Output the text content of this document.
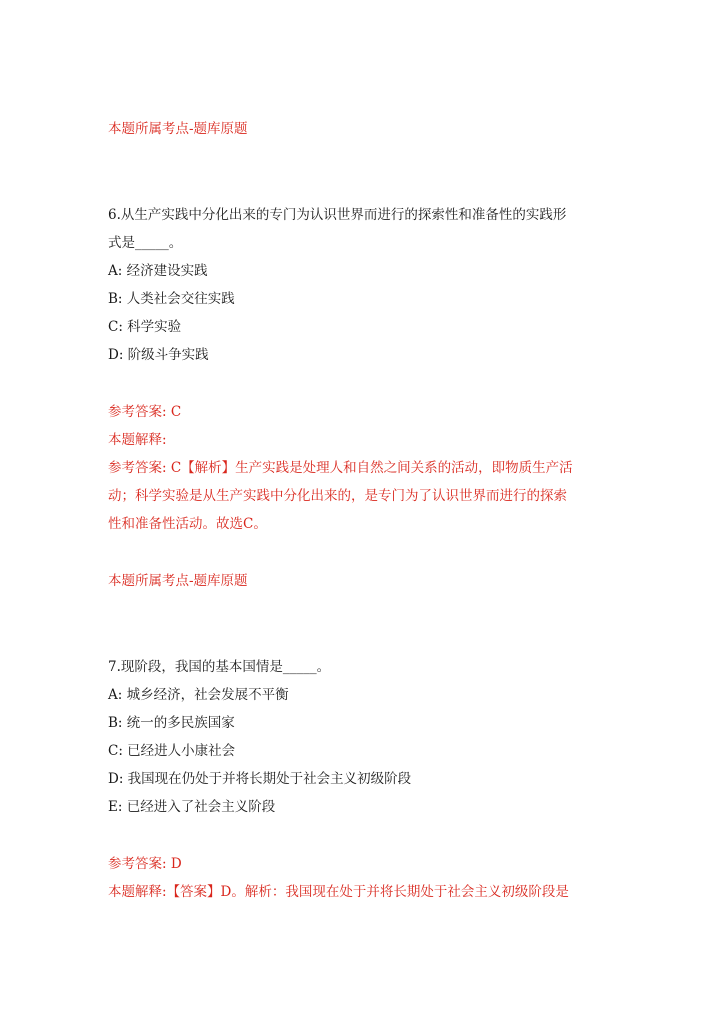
本题所属考点-题库原题
6.从生产实践中分化出来的专门为认识世界而进行的探索性和准备性的实践形
式是_____。
A: 经济建设实践
B: 人类社会交往实践
C: 科学实验
D: 阶级斗争实践
参考答案: C
本题解释:
参考答案: C【解析】生产实践是处理人和自然之间关系的活动，即物质生产活
动；科学实验是从生产实践中分化出来的，是专门为了认识世界而进行的探索
性和准备性活动。故选C。
本题所属考点-题库原题
7.现阶段，我国的基本国情是_____。
A: 城乡经济，社会发展不平衡
B: 统一的多民族国家
C: 已经进人小康社会
D: 我国现在仍处于并将长期处于社会主义初级阶段
E: 已经进入了社会主义阶段
参考答案: D
本题解释:【答案】D。解析：我国现在处于并将长期处于社会主义初级阶段是
